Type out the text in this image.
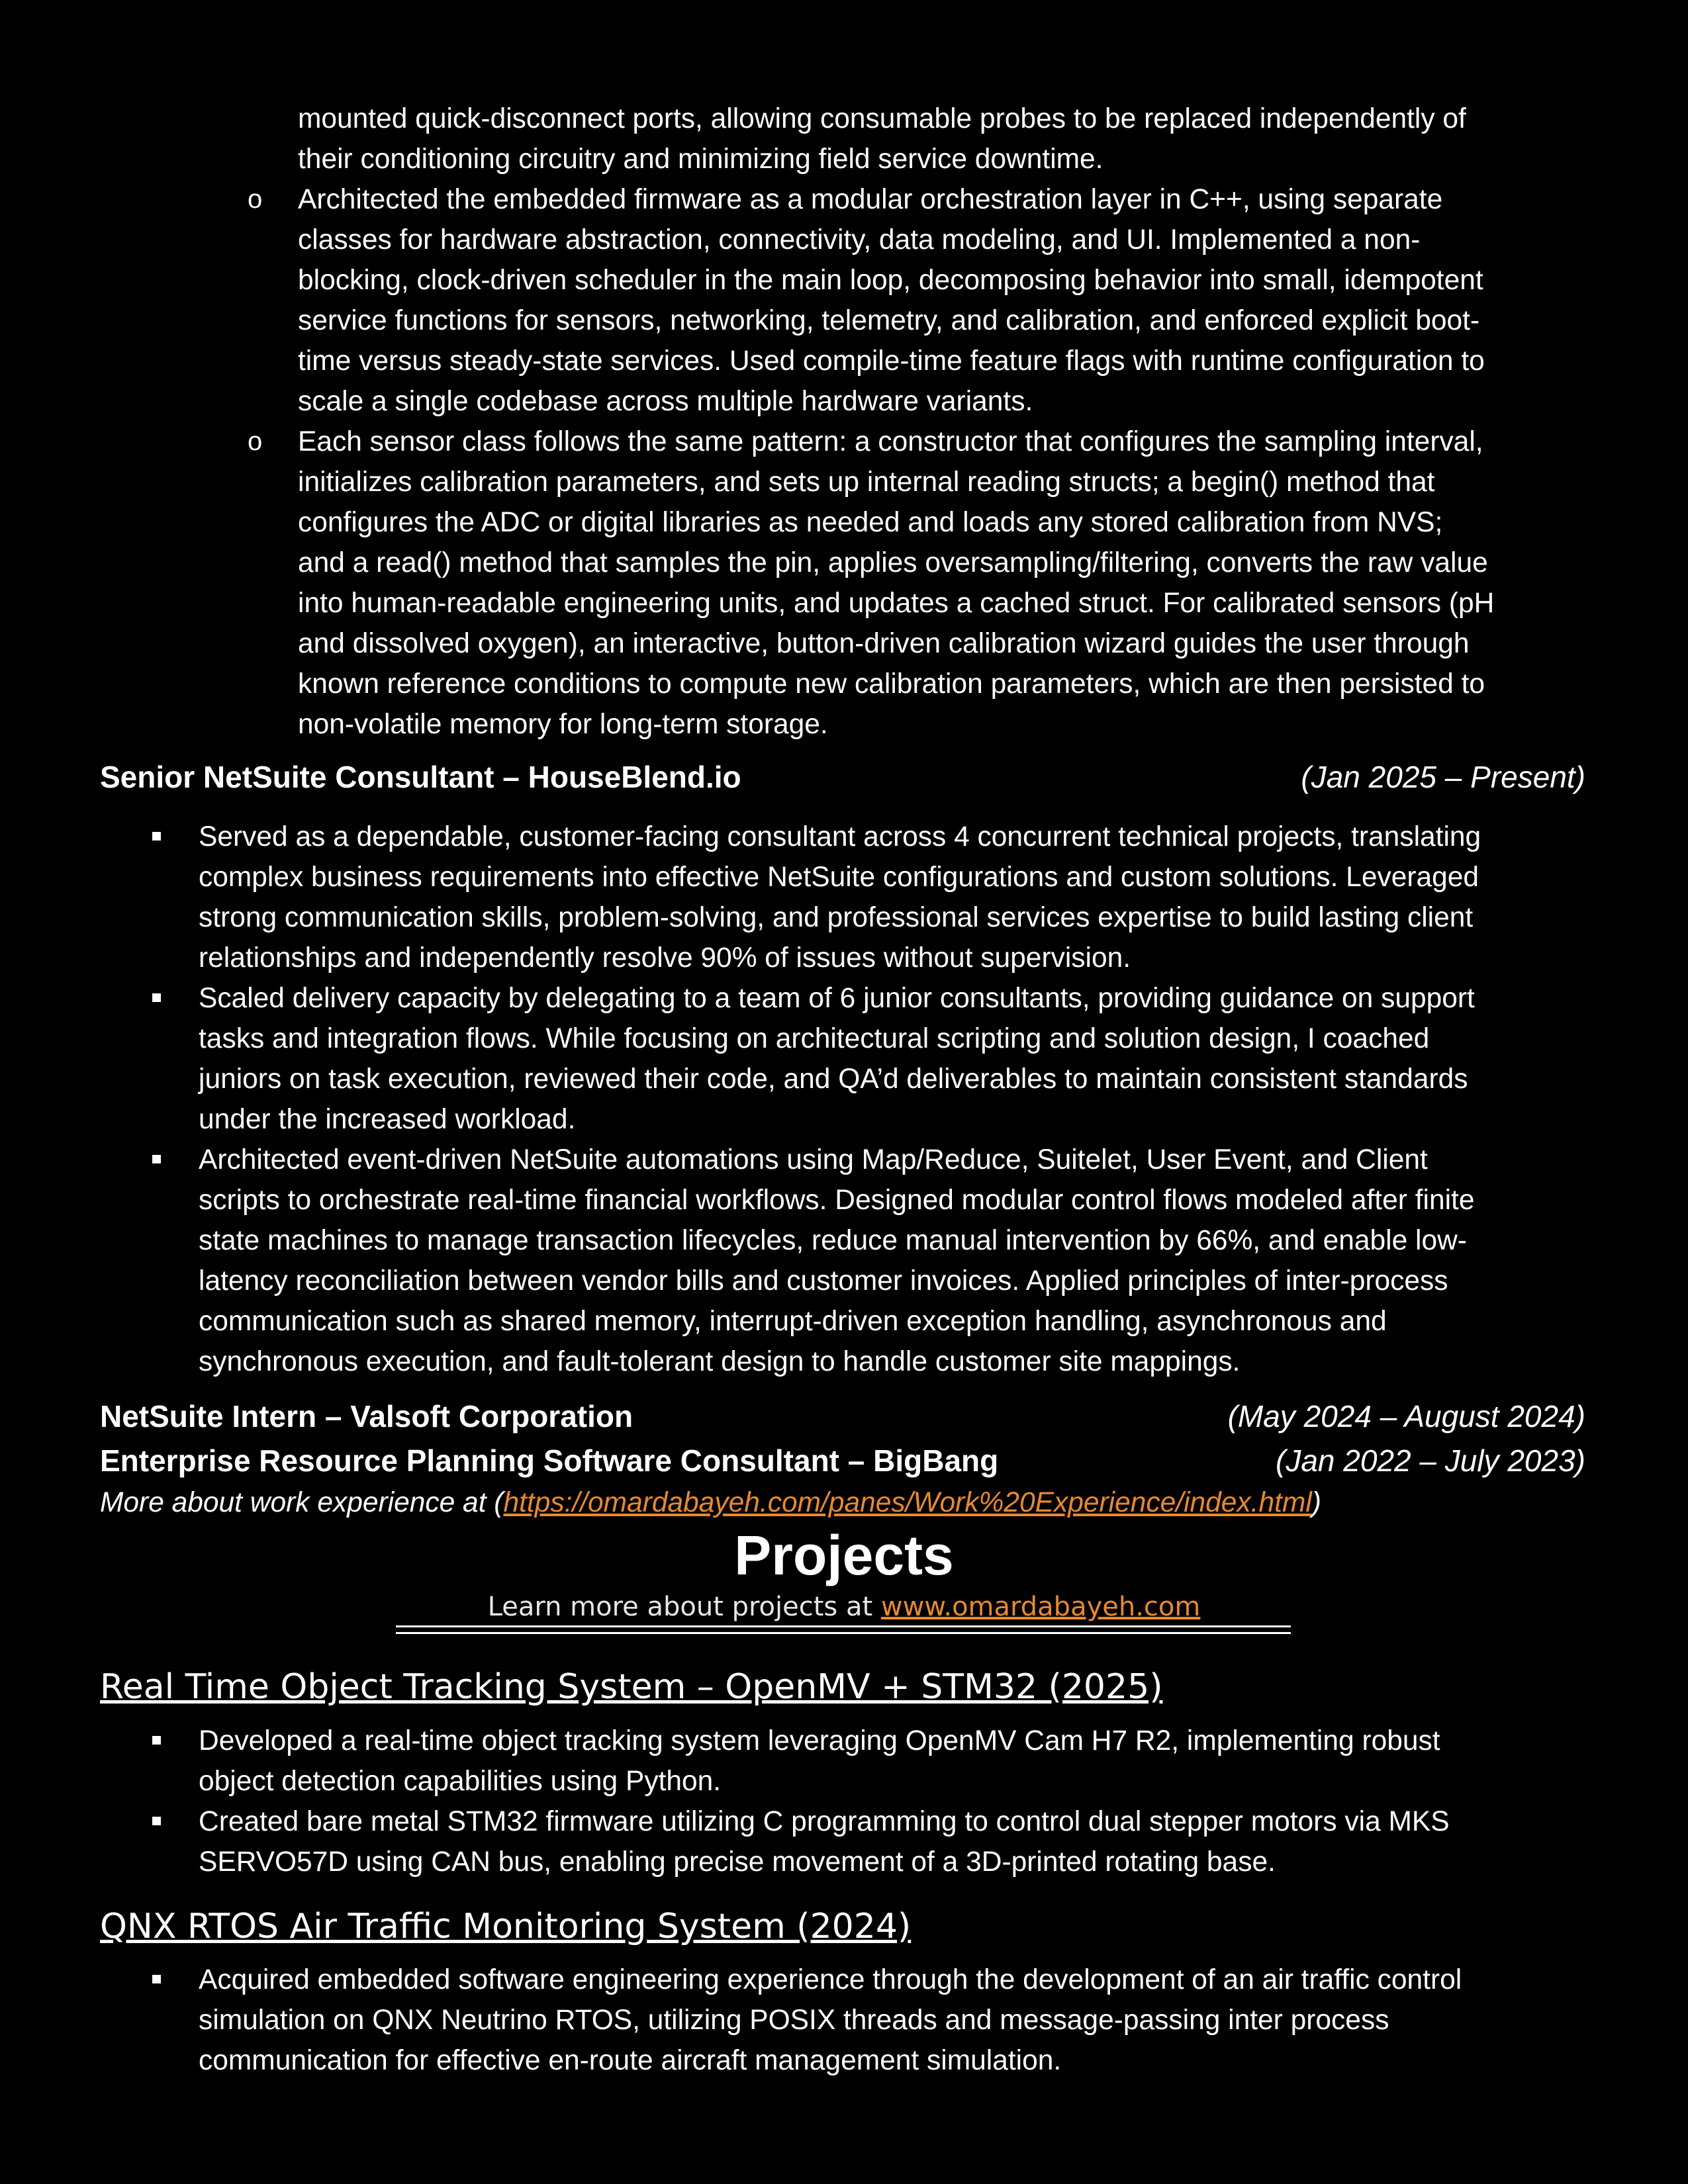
mounted quick-disconnect ports, allowing consumable probes to be replaced independently of
their conditioning circuitry and minimizing field service downtime.
o Architected the embedded firmware as a modular orchestration layer in C++, using separate
classes for hardware abstraction, connectivity, data modeling, and UI. Implemented a non-
blocking, clock-driven scheduler in the main loop, decomposing behavior into small, idempotent
service functions for sensors, networking, telemetry, and calibration, and enforced explicit boot-
time versus steady-state services. Used compile-time feature flags with runtime configuration to
scale a single codebase across multiple hardware variants.
o Each sensor class follows the same pattern: a constructor that configures the sampling interval,
initializes calibration parameters, and sets up internal reading structs; a begin() method that
configures the ADC or digital libraries as needed and loads any stored calibration from NVS;
and a read() method that samples the pin, applies oversampling/filtering, converts the raw value
into human-readable engineering units, and updates a cached struct. For calibrated sensors (pH
and dissolved oxygen), an interactive, button-driven calibration wizard guides the user through
known reference conditions to compute new calibration parameters, which are then persisted to
non-volatile memory for long-term storage.
Senior NetSuite Consultant – HouseBlend.io	(Jan 2025 – Present)
Served as a dependable, customer-facing consultant across 4 concurrent technical projects, translating
complex business requirements into effective NetSuite configurations and custom solutions. Leveraged
strong communication skills, problem-solving, and professional services expertise to build lasting client
relationships and independently resolve 90% of issues without supervision.
Scaled delivery capacity by delegating to a team of 6 junior consultants, providing guidance on support
tasks and integration flows. While focusing on architectural scripting and solution design, I coached
juniors on task execution, reviewed their code, and QA’d deliverables to maintain consistent standards
under the increased workload.
Architected event-driven NetSuite automations using Map/Reduce, Suitelet, User Event, and Client
scripts to orchestrate real-time financial workflows. Designed modular control flows modeled after finite
state machines to manage transaction lifecycles, reduce manual intervention by 66%, and enable low-
latency reconciliation between vendor bills and customer invoices. Applied principles of inter-process
communication such as shared memory, interrupt-driven exception handling, asynchronous and
synchronous execution, and fault-tolerant design to handle customer site mappings.
NetSuite Intern – Valsoft Corporation	(May 2024 – August 2024)
Enterprise Resource Planning Software Consultant – BigBang	(Jan 2022 – July 2023)
More about work experience at (https://omardabayeh.com/panes/Work%20Experience/index.html)
Projects
Learn more about projects at www.omardabayeh.com
Real Time Object Tracking System – OpenMV + STM32 (2025)
Developed a real-time object tracking system leveraging OpenMV Cam H7 R2, implementing robust
object detection capabilities using Python.
Created bare metal STM32 firmware utilizing C programming to control dual stepper motors via MKS
SERVO57D using CAN bus, enabling precise movement of a 3D-printed rotating base.
QNX RTOS Air Traffic Monitoring System (2024)
Acquired embedded software engineering experience through the development of an air traffic control
simulation on QNX Neutrino RTOS, utilizing POSIX threads and message-passing inter process
communication for effective en-route aircraft management simulation.
